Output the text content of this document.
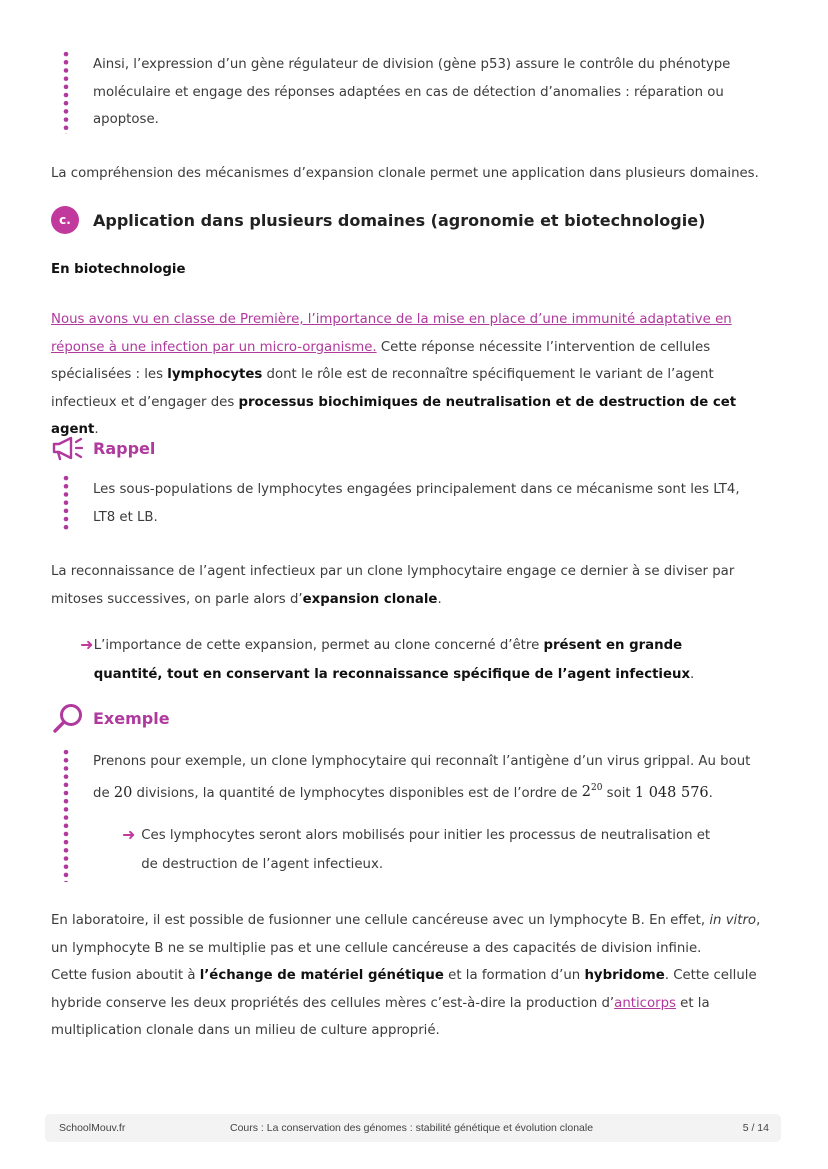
Ainsi, l’expression d’un gène régulateur de division (gène p53) assure le contrôle du phénotype moléculaire et engage des réponses adaptées en cas de détection d’anomalies : réparation ou apoptose.

La compréhension des mécanismes d’expansion clonale permet une application dans plusieurs domaines.

c.	Application dans plusieurs domaines (agronomie et biotechnologie)
En biotechnologie

Nous avons vu en classe de Première, l’importance de la mise en place d’une immunité adaptative en réponse à une infection par un micro-organisme. Cette réponse nécessite l’intervention de cellules spécialisées : les lymphocytes dont le rôle est de reconnaître spécifiquement le variant de l’agent infectieux et d’engager des processus biochimiques de neutralisation et de destruction de cet agent.

Rappel

Les sous-populations de lymphocytes engagées principalement dans ce mécanisme sont les LT4, LT8 et LB.

La reconnaissance de l’agent infectieux par un clone lymphocytaire engage ce dernier à se diviser par mitoses successives, on parle alors d’expansion clonale.

➜ L’importance de cette expansion, permet au clone concerné d’être présent en grande quantité, tout en conservant la reconnaissance spécifique de l’agent infectieux.

Exemple

Prenons pour exemple, un clone lymphocytaire qui reconnaît l’antigène d’un virus grippal. Au bout de 20 divisions, la quantité de lymphocytes disponibles est de l’ordre de $2^{20}$ soit 1 048 576.

➜ Ces lymphocytes seront alors mobilisés pour initier les processus de neutralisation et de destruction de l’agent infectieux.

En laboratoire, il est possible de fusionner une cellule cancéreuse avec un lymphocyte B. En effet, in vitro, un lymphocyte B ne se multiplie pas et une cellule cancéreuse a des capacités de division infinie.
Cette fusion aboutit à l’échange de matériel génétique et la formation d’un hybridome. Cette cellule hybride conserve les deux propriétés des cellules mères c’est-à-dire la production d’anticorps et la multiplication clonale dans un milieu de culture approprié.

SchoolMouv.fr	Cours : La conservation des génomes : stabilité génétique et évolution clonale	5 / 14
